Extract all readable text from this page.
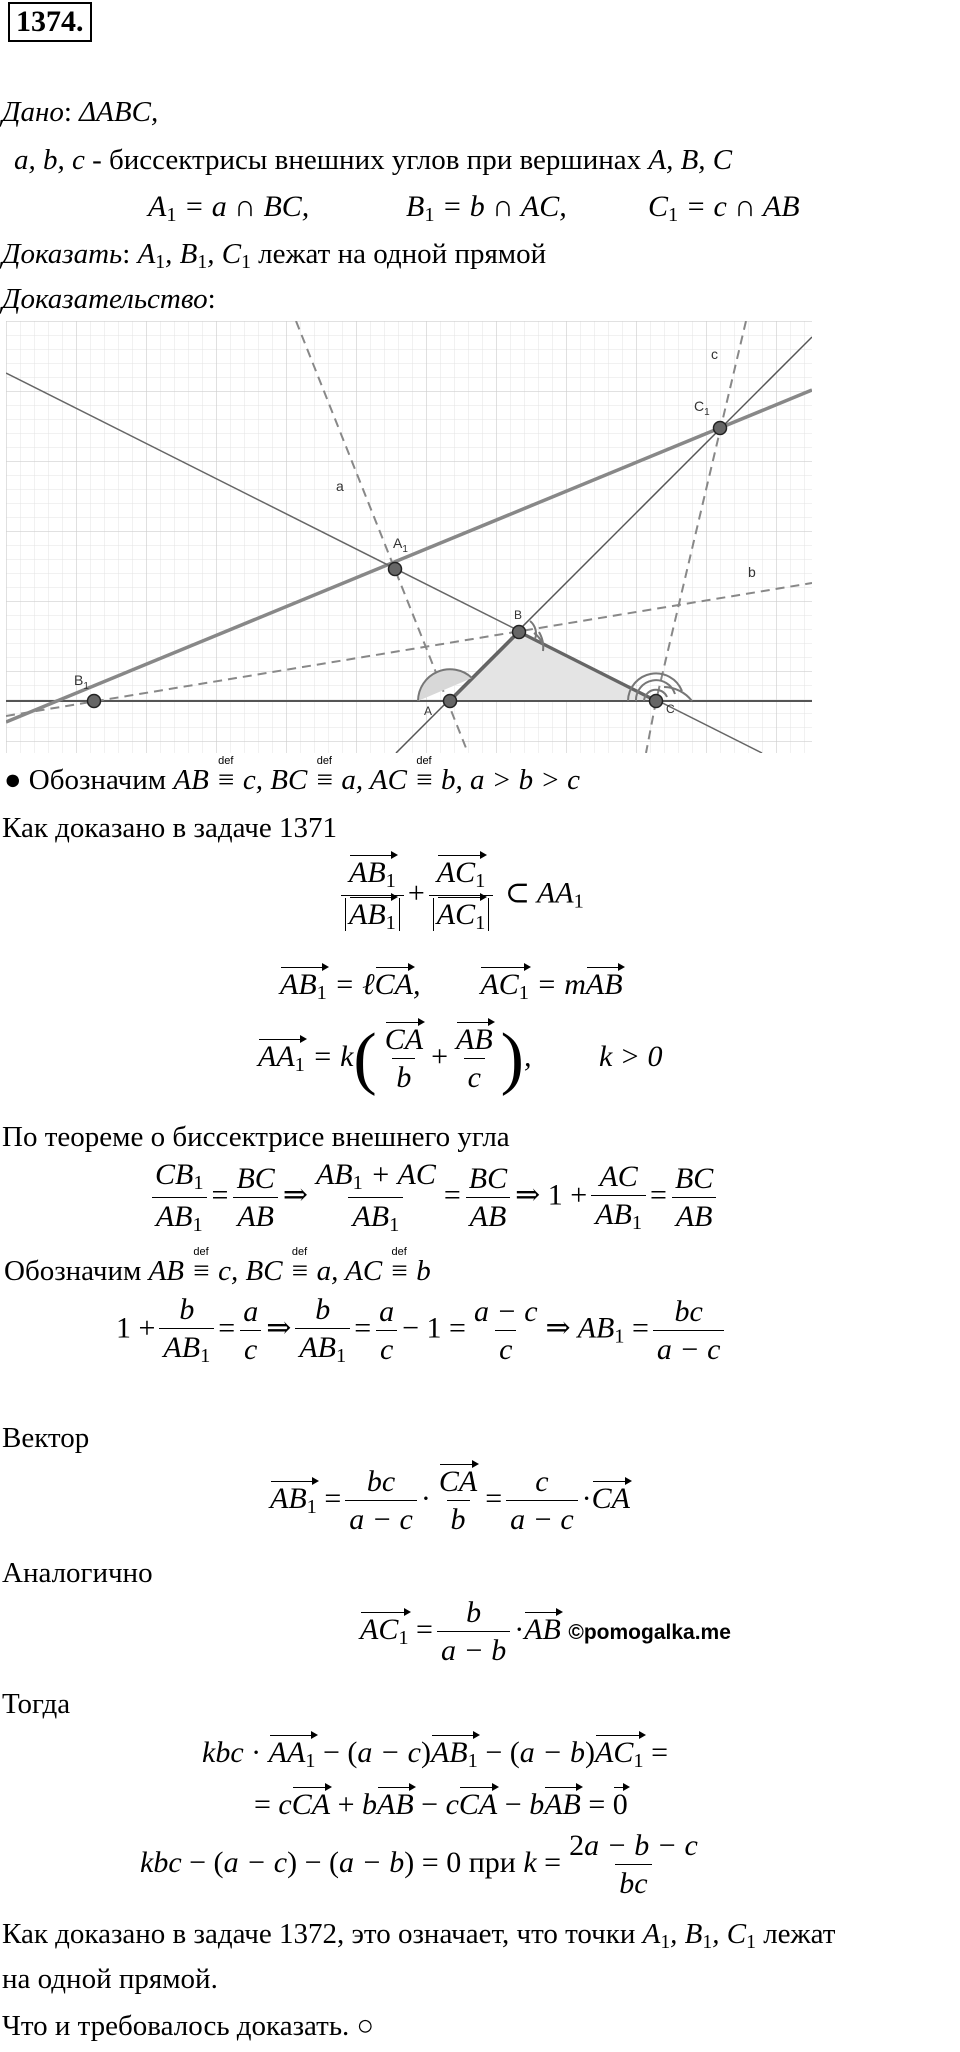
1374.
Дано: ΔABC,
a, b, c - биссектрисы внешних углов при вершинах A, B, C
$A_1 = a$ ∩ BC,	$B_1 = b$ ∩ AC,	$C_1 = c$ ∩ AB
Доказать: $A_1$, $B_1$, $C_1$ лежат на одной прямой
Доказательство:
a
b
c
A
B
C
$A_1$
$B_1$
$C_1$
● Обозначим AB
def
≡ c, BC
def
≡ a, AC
def
≡ b, a > b > c
Как доказано в задаче 1371
$\frac{AB_1}{AB_1} + \frac{AC_1}{AC_1}$ ⊂ $AA_1$
$AB_1$ = ℓCA,        $AC_1$ = mAB
$AA_1 = k( \frac{CA}{b} + \frac{AB}{c}$ ),         k > 0
По теореме о биссектрисе внешнего угла
$\frac{CB_1}{AB_1} = \frac{BC}{AB}$ ⇒ $\frac{AB_1 + AC}{AB_1} = \frac{BC}{AB}$ ⇒ $1 + \frac{AC}{AB_1} = \frac{BC}{AB}$
Обозначим AB
def
≡ c, BC
def
≡ a, AC
def
≡ b
$1 + \frac{b}{AB_1} = \frac{a}{c}$ ⇒ $\frac{b}{AB_1} = \frac{a}{c} - 1 = \frac{a - c}{c}$ ⇒ $AB_1 = \frac{bc}{a - c}$
Вектор
$AB_1 = \frac{bc}{a - c} \cdot \frac{CA}{b} = \frac{c}{a - c} \cdot CA$
Аналогично
$AC_1 = \frac{b}{a - b} \cdot AB$ ©pomogalka.me
Тогда
kbc · $AA_1 - (a - c)AB_1 - (a - b)AC_1$ =
= cCA + bAB − cCA − bAB = 0
kbc − (a − c) − (a − b) = 0 при $k = \frac{2a - b - c}{bc}$
Как доказано в задаче 1372, это означает, что точки $A_1$, $B_1$, $C_1$ лежат
на одной прямой.
Что и требовалось доказать. ○
